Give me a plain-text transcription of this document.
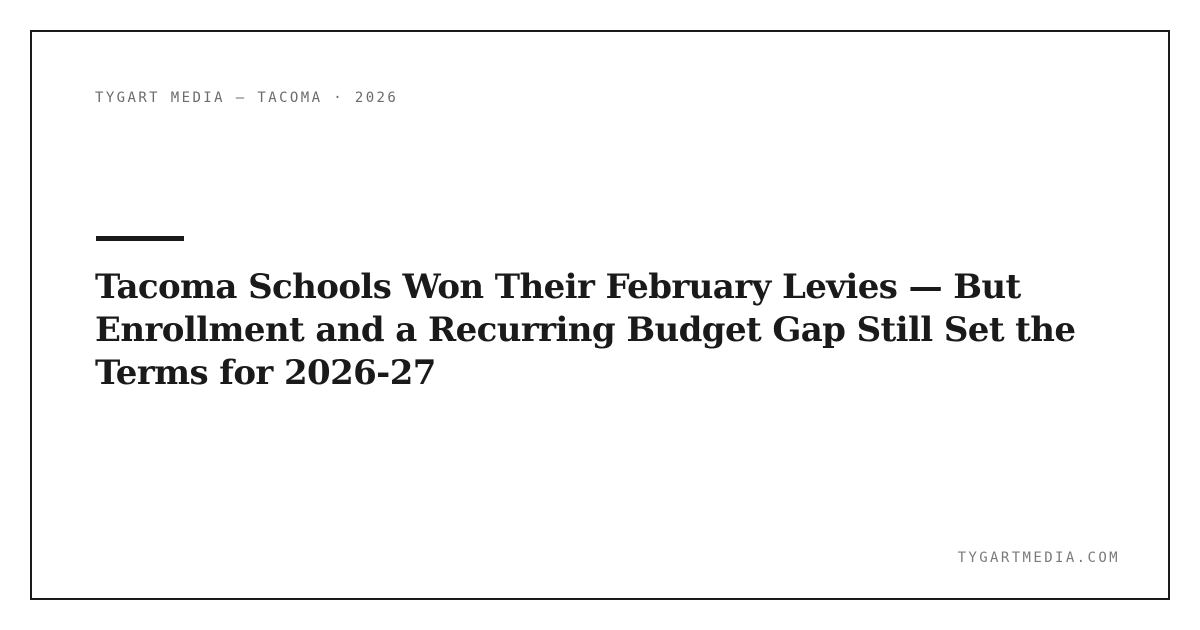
TYGART MEDIA — TACOMA · 2026
Tacoma Schools Won Their February Levies — But Enrollment and a Recurring Budget Gap Still Set the Terms for 2026-27
TYGARTMEDIA.COM
